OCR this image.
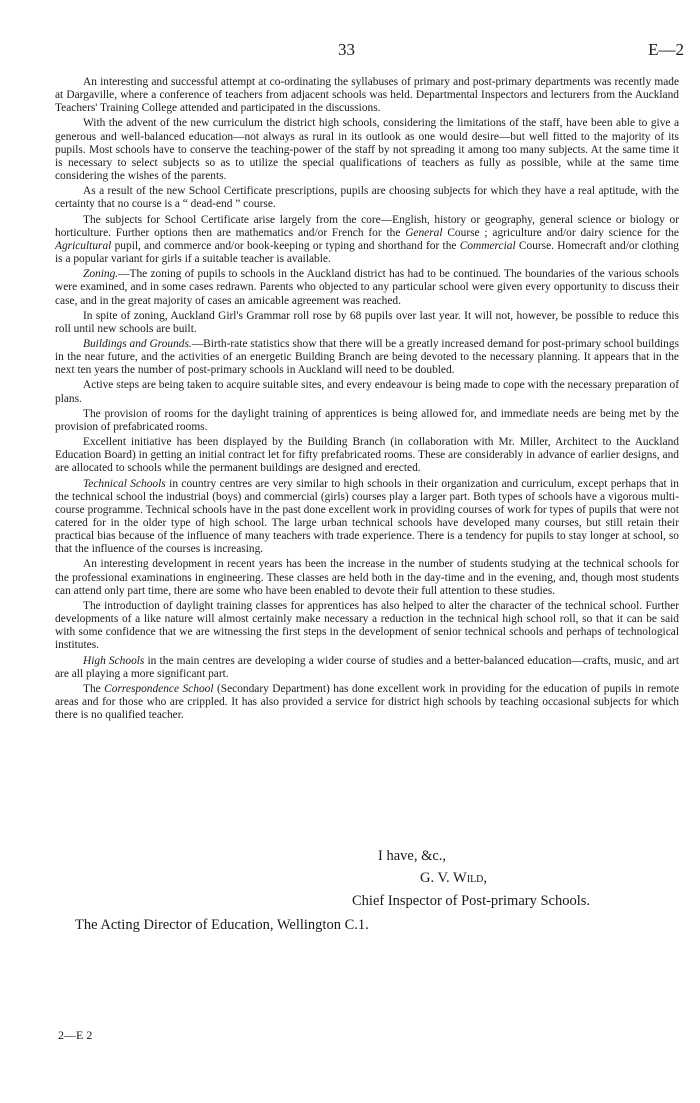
33	E—2

An interesting and successful attempt at co-ordinating the syllabuses of primary and post-primary departments was recently made at Dargaville, where a conference of teachers from adjacent schools was held. Departmental Inspectors and lecturers from the Auckland Teachers' Training College attended and participated in the discussions.

With the advent of the new curriculum the district high schools, considering the limitations of the staff, have been able to give a generous and well-balanced education—not always as rural in its outlook as one would desire—but well fitted to the majority of its pupils. Most schools have to conserve the teaching-power of the staff by not spreading it among too many subjects. At the same time it is necessary to select subjects so as to utilize the special qualifications of teachers as fully as possible, while at the same time considering the wishes of the parents.

As a result of the new School Certificate prescriptions, pupils are choosing subjects for which they have a real aptitude, with the certainty that no course is a “ dead-end ” course.

The subjects for School Certificate arise largely from the core—English, history or geography, general science or biology or horticulture. Further options then are mathematics and/or French for the General Course ; agriculture and/or dairy science for the Agricultural pupil, and commerce and/or book-keeping or typing and shorthand for the Commercial Course. Homecraft and/or clothing is a popular variant for girls if a suitable teacher is available.

Zoning.—The zoning of pupils to schools in the Auckland district has had to be continued. The boundaries of the various schools were examined, and in some cases redrawn. Parents who objected to any particular school were given every opportunity to discuss their case, and in the great majority of cases an amicable agreement was reached.

In spite of zoning, Auckland Girl's Grammar roll rose by 68 pupils over last year. It will not, however, be possible to reduce this roll until new schools are built.

Buildings and Grounds.—Birth-rate statistics show that there will be a greatly increased demand for post-primary school buildings in the near future, and the activities of an energetic Building Branch are being devoted to the necessary planning. It appears that in the next ten years the number of post-primary schools in Auckland will need to be doubled.

Active steps are being taken to acquire suitable sites, and every endeavour is being made to cope with the necessary preparation of plans.

The provision of rooms for the daylight training of apprentices is being allowed for, and immediate needs are being met by the provision of prefabricated rooms.

Excellent initiative has been displayed by the Building Branch (in collaboration with Mr. Miller, Architect to the Auckland Education Board) in getting an initial contract let for fifty prefabricated rooms. These are considerably in advance of earlier designs, and are allocated to schools while the permanent buildings are designed and erected.

Technical Schools in country centres are very similar to high schools in their organization and curriculum, except perhaps that in the technical school the industrial (boys) and commercial (girls) courses play a larger part. Both types of schools have a vigorous multi-course programme. Technical schools have in the past done excellent work in providing courses of work for types of pupils that were not catered for in the older type of high school. The large urban technical schools have developed many courses, but still retain their practical bias because of the influence of many teachers with trade experience. There is a tendency for pupils to stay longer at school, so that the influence of the courses is increasing.

An interesting development in recent years has been the increase in the number of students studying at the technical schools for the professional examinations in engineering. These classes are held both in the day-time and in the evening, and, though most students can attend only part time, there are some who have been enabled to devote their full attention to these studies.

The introduction of daylight training classes for apprentices has also helped to alter the character of the technical school. Further developments of a like nature will almost certainly make necessary a reduction in the technical high school roll, so that it can be said with some confidence that we are witnessing the first steps in the development of senior technical schools and perhaps of technological institutes.

High Schools in the main centres are developing a wider course of studies and a better-balanced education—crafts, music, and art are all playing a more significant part.

The Correspondence School (Secondary Department) has done excellent work in providing for the education of pupils in remote areas and for those who are crippled. It has also provided a service for district high schools by teaching occasional subjects for which there is no qualified teacher.

I have, &c.,
G. V. Wild,
Chief Inspector of Post-primary Schools.
The Acting Director of Education, Wellington C.1.
2—E 2
